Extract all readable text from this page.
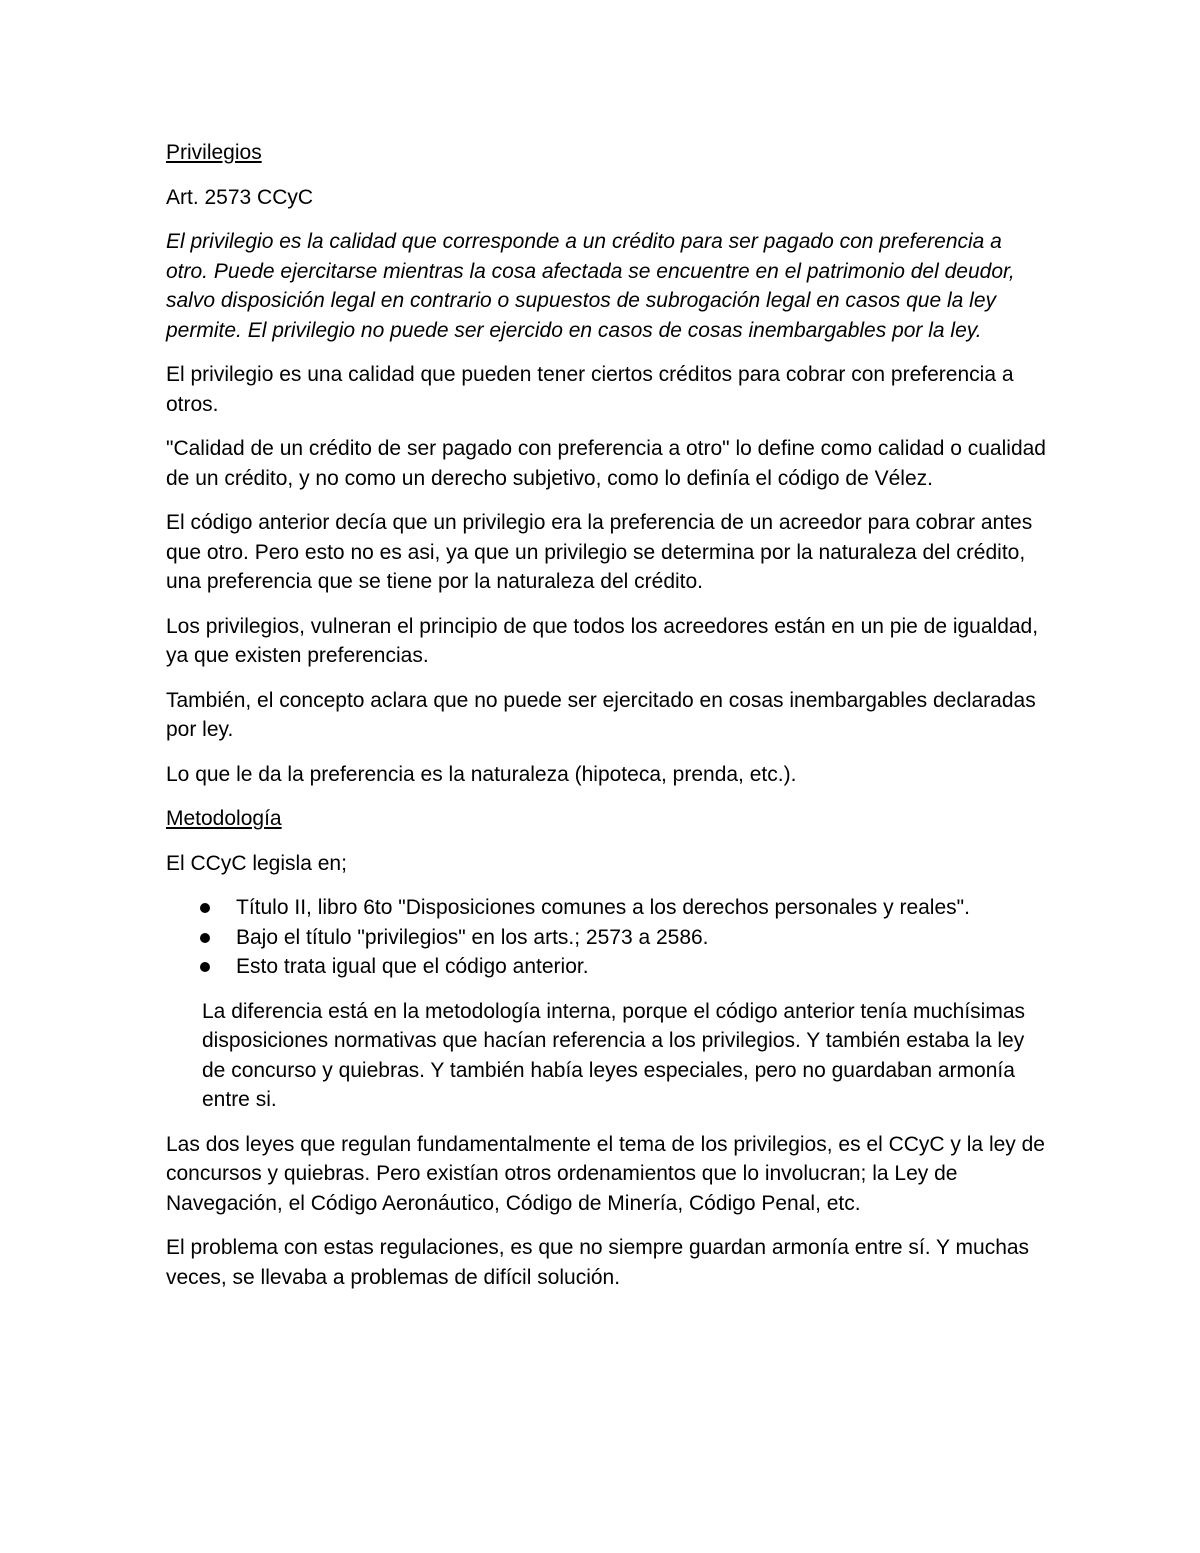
Privilegios

Art. 2573 CCyC

El privilegio es la calidad que corresponde a un crédito para ser pagado con preferencia a otro. Puede ejercitarse mientras la cosa afectada se encuentre en el patrimonio del deudor, salvo disposición legal en contrario o supuestos de subrogación legal en casos que la ley permite. El privilegio no puede ser ejercido en casos de cosas inembargables por la ley.

El privilegio es una calidad que pueden tener ciertos créditos para cobrar con preferencia a otros.

"Calidad de un crédito de ser pagado con preferencia a otro" lo define como calidad o cualidad de un crédito, y no como un derecho subjetivo, como lo definía el código de Vélez.

El código anterior decía que un privilegio era la preferencia de un acreedor para cobrar antes que otro. Pero esto no es asi, ya que un privilegio se determina por la naturaleza del crédito, una preferencia que se tiene por la naturaleza del crédito.

Los privilegios, vulneran el principio de que todos los acreedores están en un pie de igualdad, ya que existen preferencias.

También, el concepto aclara que no puede ser ejercitado en cosas inembargables declaradas por ley.

Lo que le da la preferencia es la naturaleza (hipoteca, prenda, etc.).

Metodología

El CCyC legisla en;

Título II, libro 6to "Disposiciones comunes a los derechos personales y reales".
Bajo el título "privilegios" en los arts.; 2573 a 2586.
Esto trata igual que el código anterior.

La diferencia está en la metodología interna, porque el código anterior tenía muchísimas disposiciones normativas que hacían referencia a los privilegios. Y también estaba la ley de concurso y quiebras. Y también había leyes especiales, pero no guardaban armonía entre si.

Las dos leyes que regulan fundamentalmente el tema de los privilegios, es el CCyC y la ley de concursos y quiebras. Pero existían otros ordenamientos que lo involucran; la Ley de Navegación, el Código Aeronáutico, Código de Minería, Código Penal, etc.

El problema con estas regulaciones, es que no siempre guardan armonía entre sí. Y muchas veces, se llevaba a problemas de difícil solución.
